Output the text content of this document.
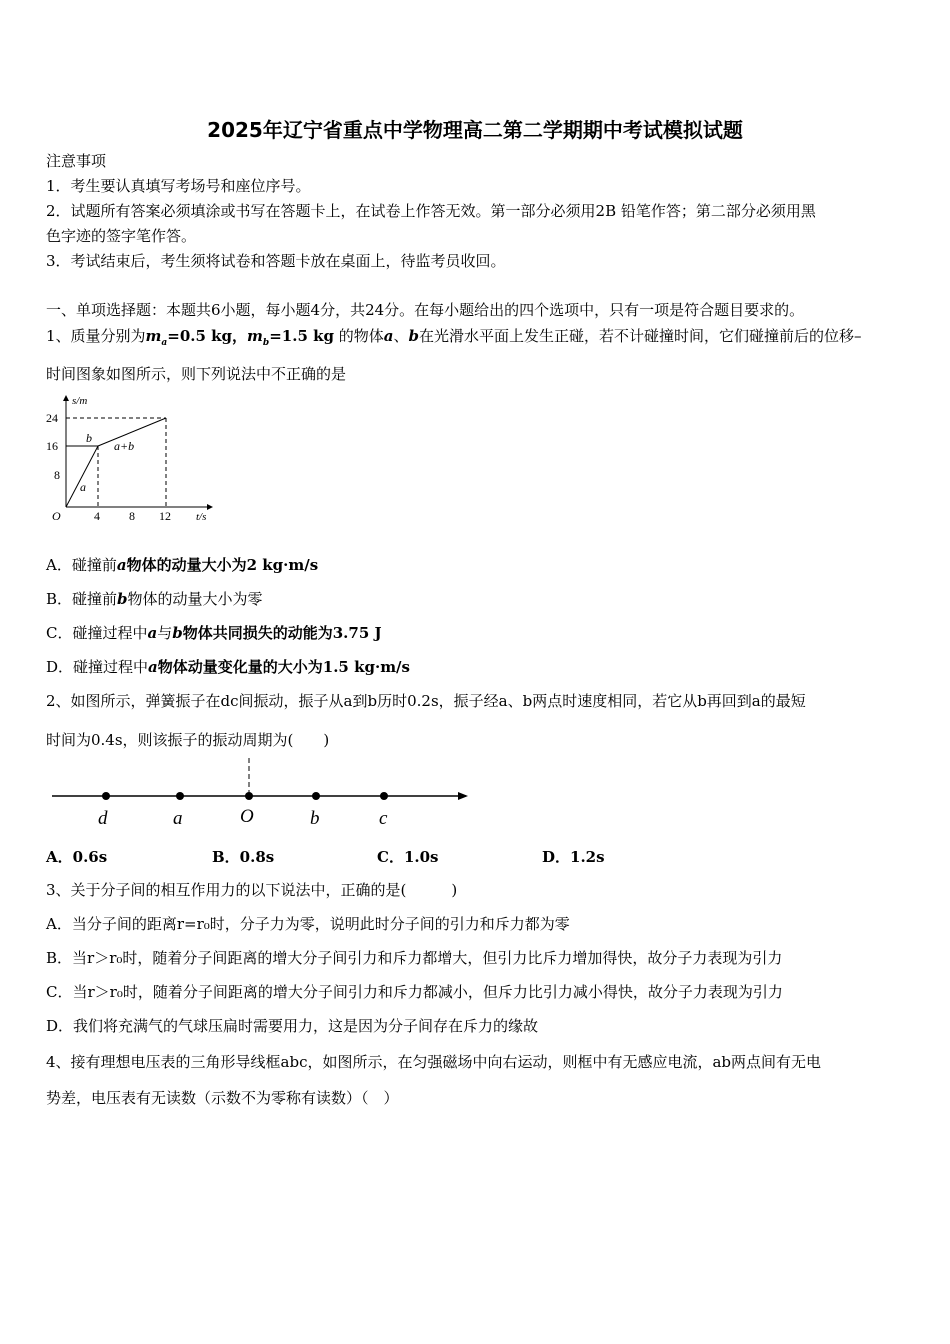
2025年辽宁省重点中学物理高二第二学期期中考试模拟试题
注意事项
1．考生要认真填写考场号和座位序号。
2．试题所有答案必须填涂或书写在答题卡上，在试卷上作答无效。第一部分必须用2B 铅笔作答；第二部分必须用黑
色字迹的签字笔作答。
3．考试结束后，考生须将试卷和答题卡放在桌面上，待监考员收回。
一、单项选择题：本题共6小题，每小题4分，共24分。在每小题给出的四个选项中，只有一项是符合题目要求的。
1、质量分别为$m_a=0.5$ kg，$m_b=1.5$ kg 的物体a、b在光滑水平面上发生正碰，若不计碰撞时间，它们碰撞前后的位移–
时间图象如图所示，则下列说法中不正确的是
s/m
24
16
8
O	4 8 12 t/s
b
a+b
a
A．碰撞前a物体的动量大小为2 kg·m/s
B．碰撞前b物体的动量大小为零
C．碰撞过程中a与b物体共同损失的动能为3.75 J
D．碰撞过程中a物体动量变化量的大小为1.5 kg·m/s
2、如图所示，弹簧振子在dc间振动，振子从a到b历时0.2s，振子经a、b两点时速度相同，若它从b再回到a的最短
时间为0.4s，则该振子的振动周期为(　　)
d	a	O	b	c
A．0.6s	B．0.8s	C．1.0s	D．1.2s
3、关于分子间的相互作用力的以下说法中，正确的是(　　　)
A．当分子间的距离r=r₀时，分子力为零，说明此时分子间的引力和斥力都为零
B．当r＞r₀时，随着分子间距离的增大分子间引力和斥力都增大，但引力比斥力增加得快，故分子力表现为引力
C．当r＞r₀时，随着分子间距离的增大分子间引力和斥力都减小，但斥力比引力减小得快，故分子力表现为引力
D．我们将充满气的气球压扁时需要用力，这是因为分子间存在斥力的缘故
4、接有理想电压表的三角形导线框abc，如图所示，在匀强磁场中向右运动，则框中有无感应电流，ab两点间有无电
势差，电压表有无读数（示数不为零称有读数）（　）
